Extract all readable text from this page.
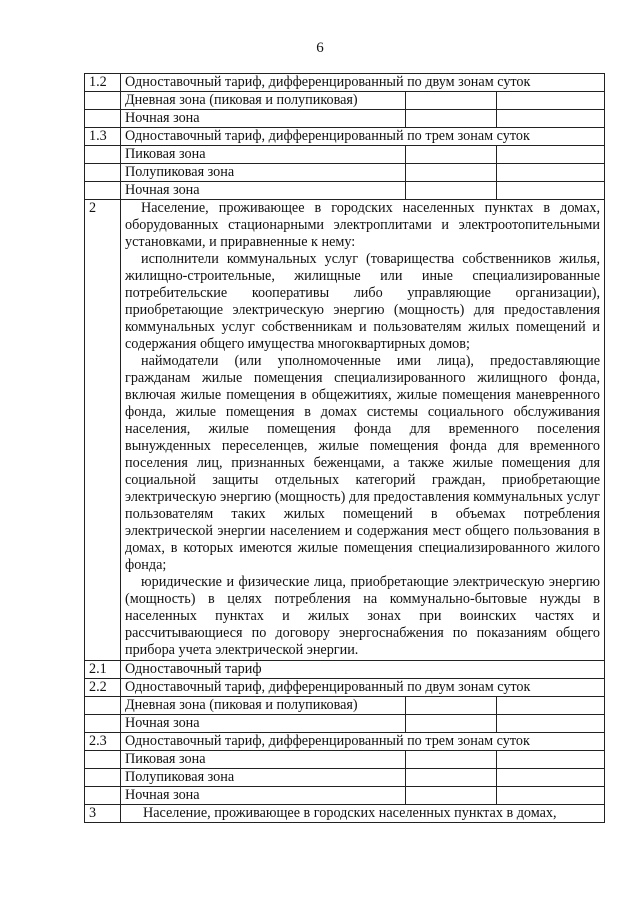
6
1.2	Одноставочный тариф, дифференцированный по двум зонам суток		
	Дневная зона (пиковая и полупиковая)		
	Ночная зона		
1.3	Одноставочный тариф, дифференцированный по трем зонам суток		
	Пиковая зона		
	Полупиковая зона		
	Ночная зона		
2	Население, проживающее в городских населенных пунктах в домах, оборудованных стационарными электроплитами и электроотопительными установками, и приравненные к нему:

исполнители коммунальных услуг (товарищества собственников жилья, жилищно-строительные, жилищные или иные специализированные потребительские кооперативы либо управляющие организации), приобретающие электрическую энергию (мощность) для предоставления коммунальных услуг собственникам и пользователям жилых помещений и содержания общего имущества многоквартирных домов;

наймодатели (или уполномоченные ими лица), предоставляющие гражданам жилые помещения специализированного жилищного фонда, включая жилые помещения в общежитиях, жилые помещения маневренного фонда, жилые помещения в домах системы социального обслуживания населения, жилые помещения фонда для временного поселения вынужденных переселенцев, жилые помещения фонда для временного поселения лиц, признанных беженцами, а также жилые помещения для социальной защиты отдельных категорий граждан, приобретающие электрическую энергию (мощность) для предоставления коммунальных услуг пользователям таких жилых помещений в объемах потребления электрической энергии населением и содержания мест общего пользования в домах, в которых имеются жилые помещения специализированного жилого фонда;

юридические и физические лица, приобретающие электрическую энергию (мощность) в целях потребления на коммунально-бытовые нужды в населенных пунктах и жилых зонах при воинских частях и рассчитывающиеся по договору энергоснабжения по показаниям общего прибора учета электрической энергии.		

2.1	Одноставочный тариф		
2.2	Одноставочный тариф, дифференцированный по двум зонам суток		
	Дневная зона (пиковая и полупиковая)		
	Ночная зона		
2.3	Одноставочный тариф, дифференцированный по трем зонам суток		
	Пиковая зона		
	Полупиковая зона		
	Ночная зона		
3	Население, проживающее в городских населенных пунктах в домах,		
